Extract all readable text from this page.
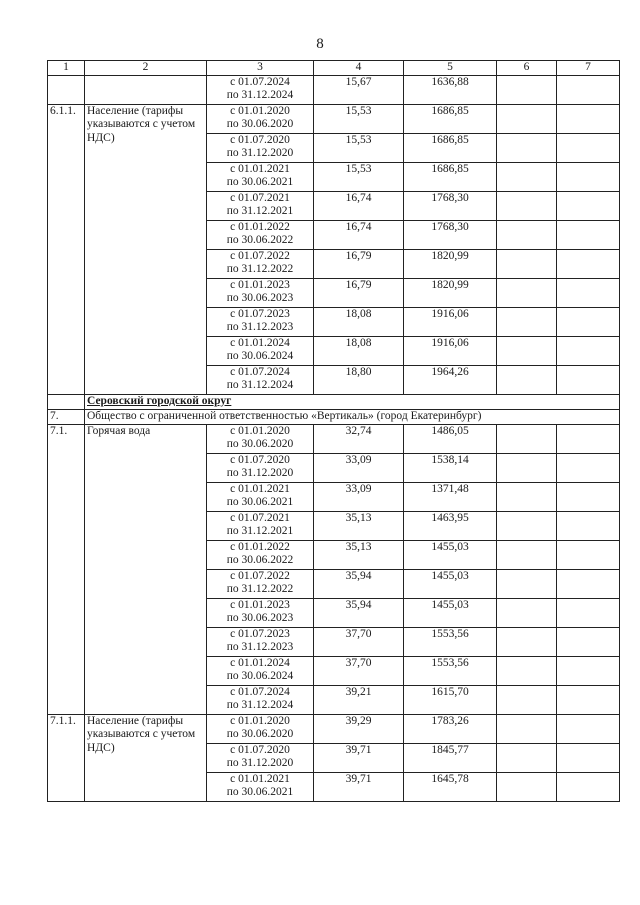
8
1	2	3	4	5	6	7

		с 01.07.2024
по 31.12.2024	15,67	1636,88		
6.1.1.	Население (тарифы указываются с учетом НДС)	с 01.01.2020
по 30.06.2020	15,53	1686,85		

		с 01.07.2020
по 31.12.2020	15,53	1686,85		

		с 01.01.2021
по 30.06.2021	15,53	1686,85		

		с 01.07.2021
по 31.12.2021	16,74	1768,30		

		с 01.01.2022
по 30.06.2022	16,74	1768,30		

		с 01.07.2022
по 31.12.2022	16,79	1820,99		

		с 01.01.2023
по 30.06.2023	16,79	1820,99		

		с 01.07.2023
по 31.12.2023	18,08	1916,06		

		с 01.01.2024
по 30.06.2024	18,08	1916,06		

		с 01.07.2024
по 31.12.2024	18,80	1964,26		
	Серовский городской округ					
7.	Общество с ограниченной ответственностью «Вертикаль» (город Екатеринбург)					
7.1.	Горячая вода	с 01.01.2020
по 30.06.2020	32,74	1486,05		

		с 01.07.2020
по 31.12.2020	33,09	1538,14		

		с 01.01.2021
по 30.06.2021	33,09	1371,48		

		с 01.07.2021
по 31.12.2021	35,13	1463,95		

		с 01.01.2022
по 30.06.2022	35,13	1455,03		

		с 01.07.2022
по 31.12.2022	35,94	1455,03		

		с 01.01.2023
по 30.06.2023	35,94	1455,03		

		с 01.07.2023
по 31.12.2023	37,70	1553,56		

		с 01.01.2024
по 30.06.2024	37,70	1553,56		

		с 01.07.2024
по 31.12.2024	39,21	1615,70		
7.1.1.	Население (тарифы указываются с учетом НДС)	с 01.01.2020
по 30.06.2020	39,29	1783,26		

		с 01.07.2020
по 31.12.2020	39,71	1845,77		

		с 01.01.2021
по 30.06.2021	39,71	1645,78		
